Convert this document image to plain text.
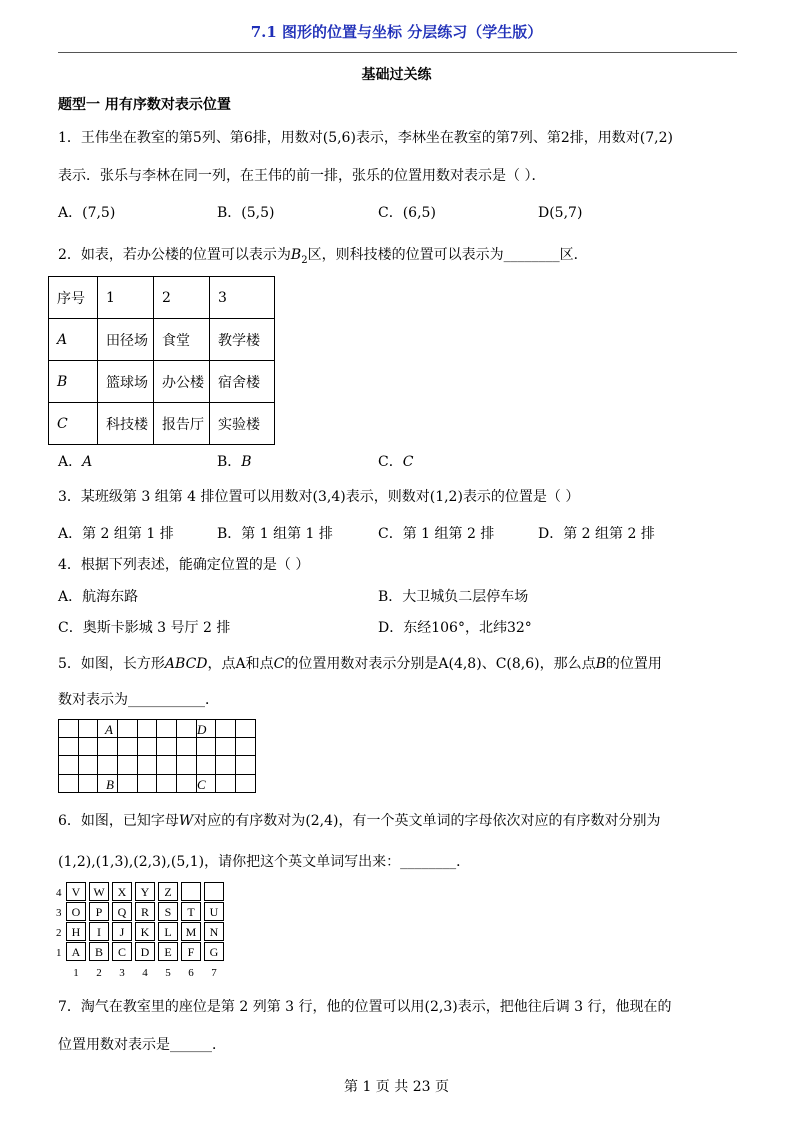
7.1 图形的位置与坐标 分层练习（学生版）
基础过关练
题型一 用有序数对表示位置
1．王伟坐在教室的第5列、第6排，用数对(5,6)表示，李林坐在教室的第7列、第2排，用数对(7,2)
表示．张乐与李林在同一列，在王伟的前一排，张乐的位置用数对表示是（ ）．
A．(7,5)	B．(5,5)	C．(6,5)	D(5,7)
2．如表，若办公楼的位置可以表示为$B_2$区，则科技楼的位置可以表示为________区．
序号	1	2	3
A	田径场	食堂	教学楼
B	篮球场	办公楼	宿舍楼
C	科技楼	报告厅	实验楼
A．A	B．B	C．C
3．某班级第 3 组第 4 排位置可以用数对(3,4)表示，则数对(1,2)表示的位置是（ ）
A．第 2 组第 1 排	B．第 1 组第 1 排	C．第 1 组第 2 排	D．第 2 组第 2 排
4．根据下列表述，能确定位置的是（ ）
A．航海东路	B．大卫城负二层停车场
C．奥斯卡影城 3 号厅 2 排	D．东经106°，北纬32°
5．如图，长方形ABCD，点A和点C的位置用数对表示分别是A(4,8)、C(8,6)，那么点B的位置用
数对表示为___________．
A	D
B	C
6．如图，已知字母W对应的有序数对为(2,4)，有一个英文单词的字母依次对应的有序数对分别为
(1,2),(1,3),(2,3),(5,1)，请你把这个英文单词写出来：________．
4 V W X Y Z
3 O P Q R S T U
2 H I J K L M N
1 A B C D E F G
1 2 3 4 5 6 7
7．淘气在教室里的座位是第 2 列第 3 行，他的位置可以用(2,3)表示，把他往后调 3 行，他现在的
位置用数对表示是______．
第 1 页 共 23 页
